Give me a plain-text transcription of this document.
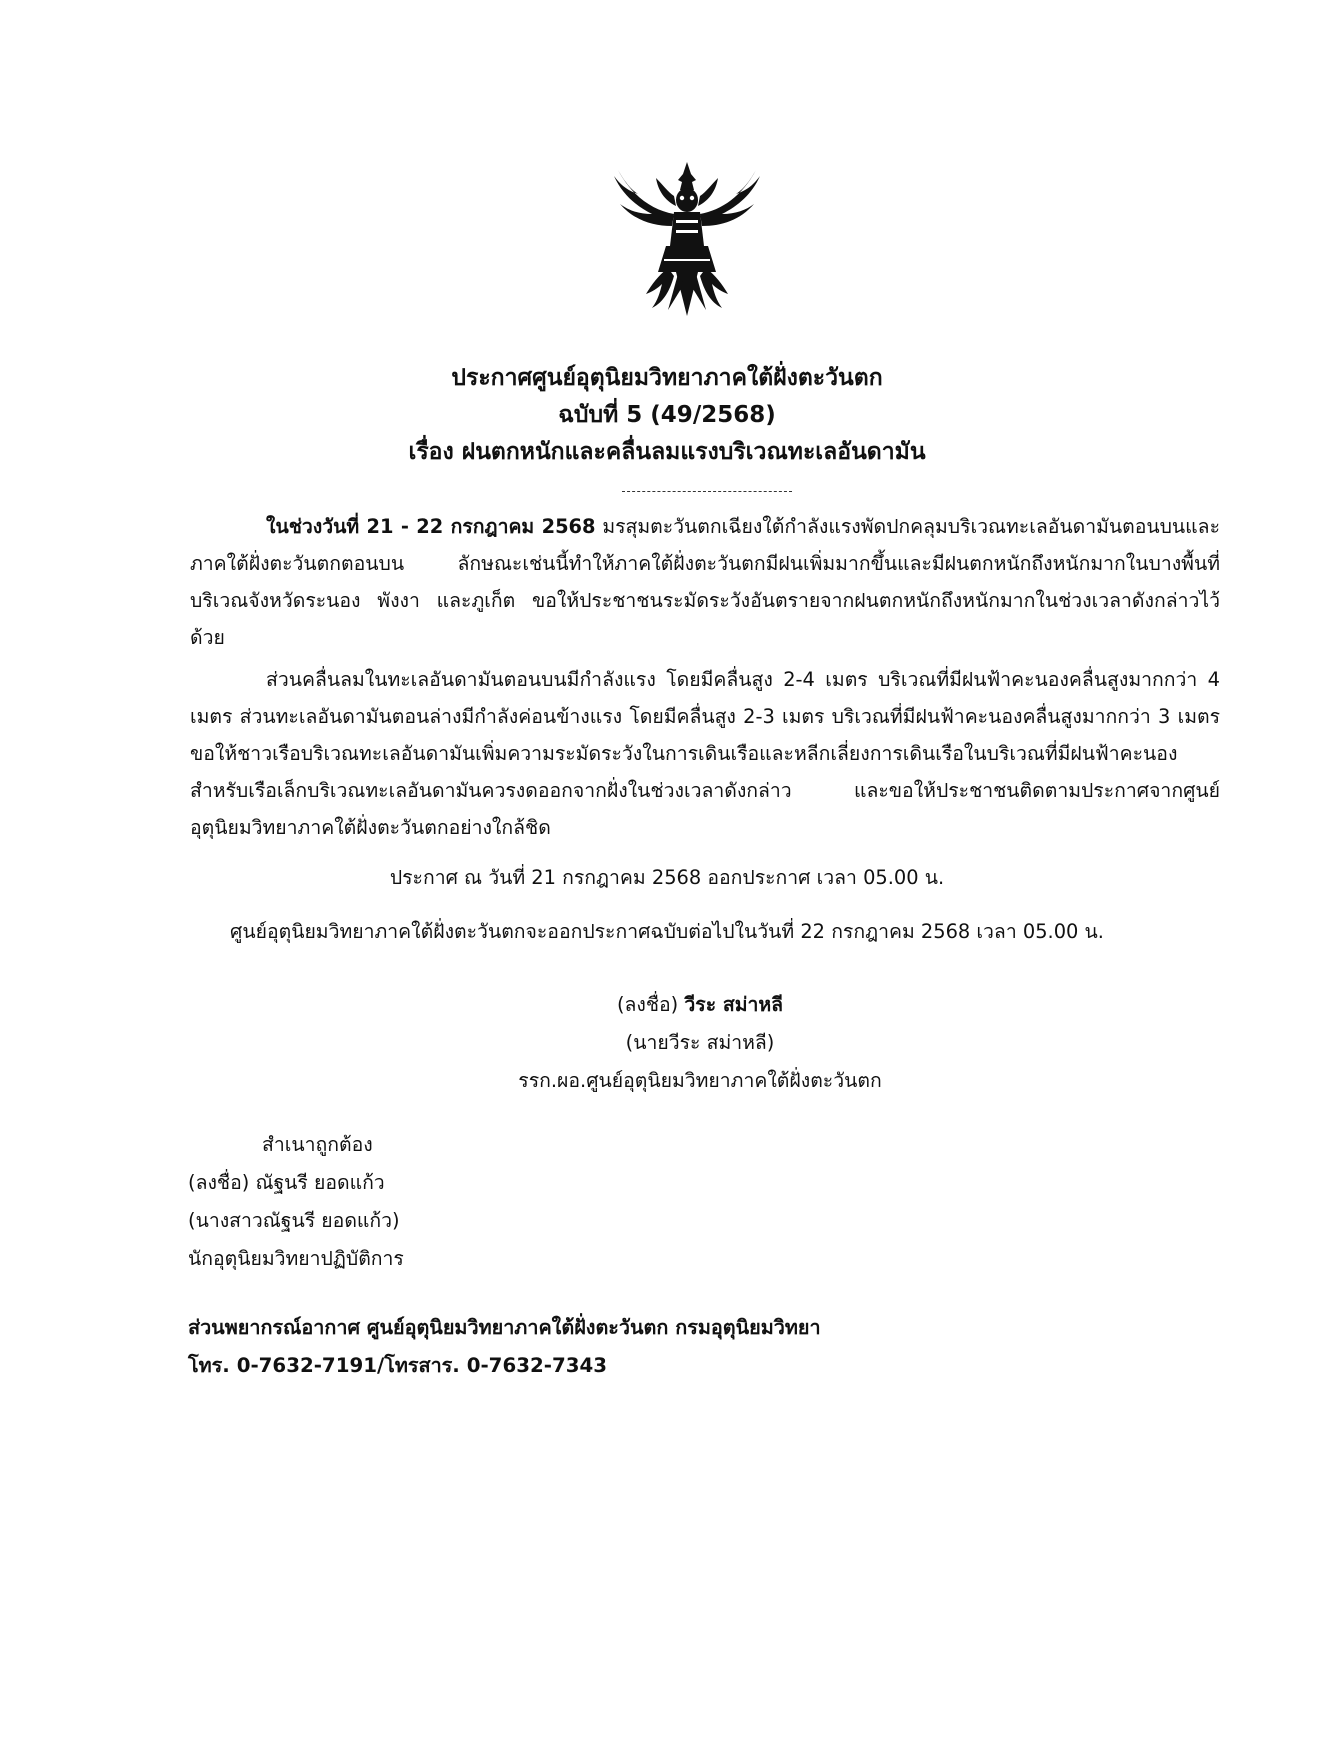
ประกาศศูนย์อุตุนิยมวิทยาภาคใต้ฝั่งตะวันตก
ฉบับที่ 5 (49/2568)
เรื่อง ฝนตกหนักและคลื่นลมแรงบริเวณทะเลอันดามัน

ในช่วงวันที่ 21 - 22 กรกฎาคม 2568 มรสุมตะวันตกเฉียงใต้กำลังแรงพัดปกคลุมบริเวณทะเลอันดามันตอนบนและภาคใต้ฝั่งตะวันตกตอนบน ลักษณะเช่นนี้ทำให้ภาคใต้ฝั่งตะวันตกมีฝนเพิ่มมากขึ้นและมีฝนตกหนักถึงหนักมากในบางพื้นที่ บริเวณจังหวัดระนอง พังงา และภูเก็ต ขอให้ประชาชนระมัดระวังอันตรายจากฝนตกหนักถึงหนักมากในช่วงเวลาดังกล่าวไว้ด้วย

ส่วนคลื่นลมในทะเลอันดามันตอนบนมีกำลังแรง โดยมีคลื่นสูง 2-4 เมตร บริเวณที่มีฝนฟ้าคะนองคลื่นสูงมากกว่า 4 เมตร ส่วนทะเลอันดามันตอนล่างมีกำลังค่อนข้างแรง โดยมีคลื่นสูง 2-3 เมตร บริเวณที่มีฝนฟ้าคะนองคลื่นสูงมากกว่า 3 เมตร ขอให้ชาวเรือบริเวณทะเลอันดามันเพิ่มความระมัดระวังในการเดินเรือและหลีกเลี่ยงการเดินเรือในบริเวณที่มีฝนฟ้าคะนอง สำหรับเรือเล็กบริเวณทะเลอันดามันควรงดออกจากฝั่งในช่วงเวลาดังกล่าว และขอให้ประชาชนติดตามประกาศจากศูนย์อุตุนิยมวิทยาภาคใต้ฝั่งตะวันตกอย่างใกล้ชิด

ประกาศ ณ วันที่ 21 กรกฎาคม 2568 ออกประกาศ เวลา 05.00 น.
ศูนย์อุตุนิยมวิทยาภาคใต้ฝั่งตะวันตกจะออกประกาศฉบับต่อไปในวันที่ 22 กรกฎาคม 2568 เวลา 05.00 น.
(ลงชื่อ) วีระ สม่าหลี
(นายวีระ สม่าหลี)
รรก.ผอ.ศูนย์อุตุนิยมวิทยาภาคใต้ฝั่งตะวันตก
สำเนาถูกต้อง
(ลงชื่อ) ณัฐนรี ยอดแก้ว
(นางสาวณัฐนรี ยอดแก้ว)
นักอุตุนิยมวิทยาปฏิบัติการ
ส่วนพยากรณ์อากาศ ศูนย์อุตุนิยมวิทยาภาคใต้ฝั่งตะวันตก กรมอุตุนิยมวิทยา
โทร. 0-7632-7191/โทรสาร. 0-7632-7343
